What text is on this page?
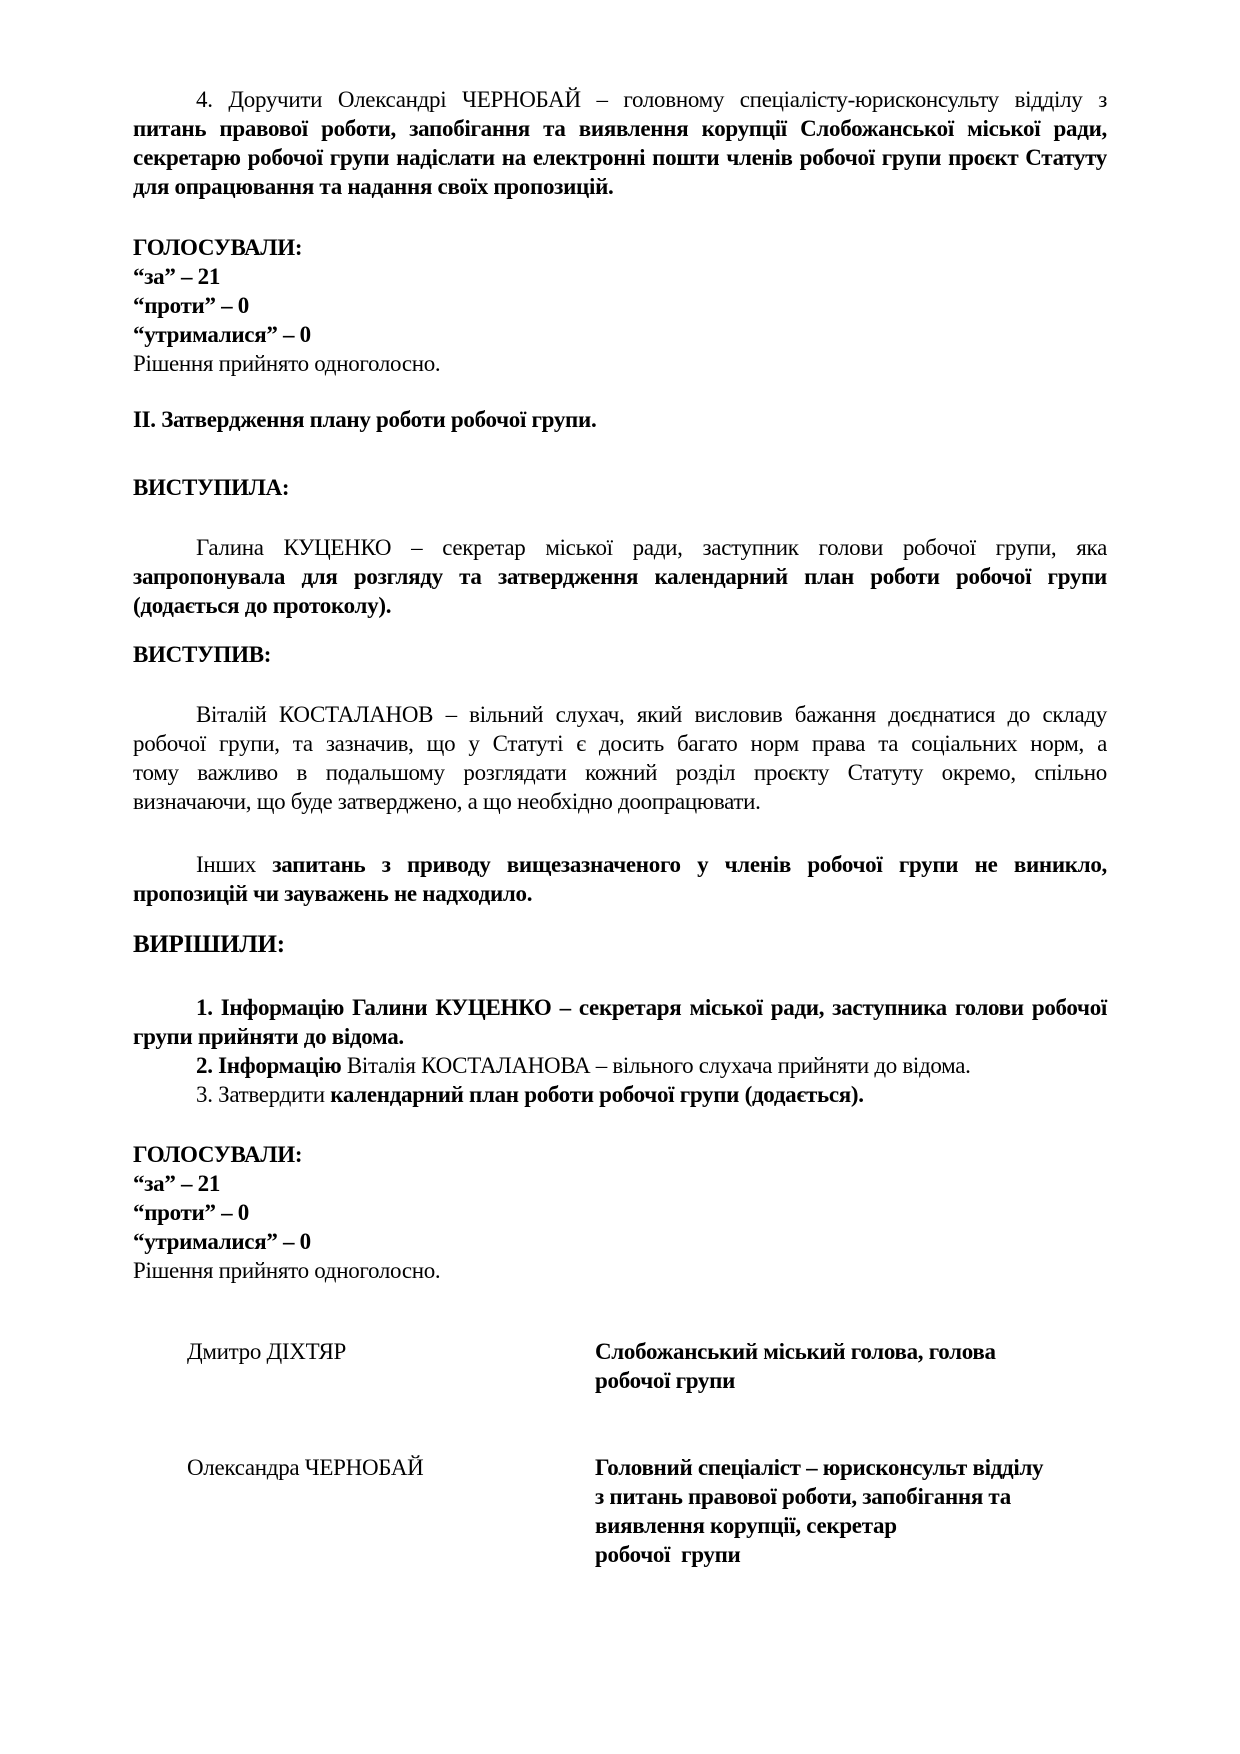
4. Доручити Олександрі ЧЕРНОБАЙ – головному спеціалісту-юрисконсульту відділу з
питань правової роботи, запобігання та виявлення корупції Слобожанської міської ради,
секретарю робочої групи надіслати на електронні пошти членів робочої групи проєкт Статуту
для опрацювання та надання своїх пропозицій.
ГОЛОСУВАЛИ:
“за” – 21
“проти” – 0
“утрималися” – 0
Рішення прийнято одноголосно.
ІІ. Затвердження плану роботи робочої групи.
ВИСТУПИЛА:
Галина КУЦЕНКО – секретар міської ради, заступник голови робочої групи, яка
запропонувала для розгляду та затвердження календарний план роботи робочої групи
(додається до протоколу).
ВИСТУПИВ:
Віталій КОСТАЛАНОВ – вільний слухач, який висловив бажання доєднатися до складу
робочої групи, та зазначив, що у Статуті є досить багато норм права та соціальних норм, а
тому важливо в подальшому розглядати кожний розділ проєкту Статуту окремо, спільно
визначаючи, що буде затверджено, а що необхідно доопрацювати.
Інших запитань з приводу вищезазначеного у членів робочої групи не виникло,
пропозицій чи зауважень не надходило.
ВИРІШИЛИ:
1. Інформацію Галини КУЦЕНКО – секретаря міської ради, заступника голови робочої
групи прийняти до відома.
2. Інформацію Віталія КОСТАЛАНОВА – вільного слухача прийняти до відома.
3. Затвердити календарний план роботи робочої групи (додається).
ГОЛОСУВАЛИ:
“за” – 21
“проти” – 0
“утрималися” – 0
Рішення прийнято одноголосно.
Дмитро ДІХТЯР	Слобожанський міський голова, голова
робочої групи
Олександра ЧЕРНОБАЙ	Головний спеціаліст – юрисконсульт відділу
з питань правової роботи, запобігання та
виявлення корупції, секретар
робочої  групи
